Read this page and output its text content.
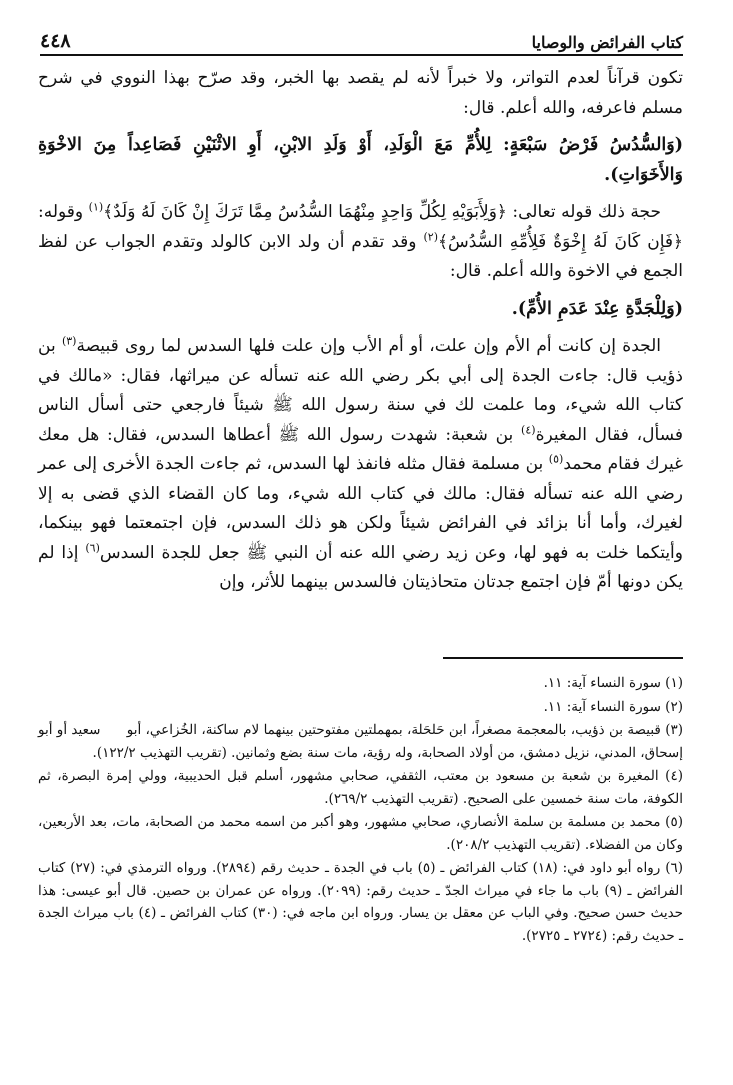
كتاب الفرائض والوصايا
٤٤٨

تكون قرآناً لعدم التواتر، ولا خبراً لأنه لم يقصد بها الخبر، وقد صرّح بهذا النووي في شرح مسلم فاعرفه، والله أعلم. قال:

(وَالسُّدُسُ فَرْضُ سَبْعَةٍ: لِلأُمِّ مَعَ الْوَلَدِ، أَوْ وَلَدِ الابْنِ، أَوِ الاثْنَيْنِ فَصَاعِداً مِنَ الاخْوَةِ وَالأَخَوَاتِ).

حجة ذلك قوله تعالى: ﴿وَلِأَبَوَيْهِ لِكُلِّ وَاحِدٍ مِنْهُمَا السُّدُسُ مِمَّا تَرَكَ إِنْ كَانَ لَهُ وَلَدٌ﴾$^{(١)}$ وقوله: ﴿فَإِن كَانَ لَهُ إِخْوَةٌ فَلِأُمِّهِ السُّدُسُ﴾$^{(٢)}$ وقد تقدم أن ولد الابن كالولد وتقدم الجواب عن لفظ الجمع في الاخوة والله أعلم. قال:

(وَلِلْجَدَّةِ عِنْدَ عَدَمِ الأُمِّ).

الجدة إن كانت أم الأم وإن علت، أو أم الأب وإن علت فلها السدس لما روى قبيصة$^{(٣)}$ بن ذؤيب قال: جاءت الجدة إلى أبي بكر رضي الله عنه تسأله عن ميراثها، فقال: «مالك في كتاب الله شيء، وما علمت لك في سنة رسول الله ﷺ شيئاً فارجعي حتى أسأل الناس فسأل، فقال المغيرة$^{(٤)}$ بن شعبة: شهدت رسول الله ﷺ أعطاها السدس، فقال: هل معك غيرك فقام محمد$^{(٥)}$ بن مسلمة فقال مثله فانفذ لها السدس، ثم جاءت الجدة الأخرى إلى عمر رضي الله عنه تسأله فقال: مالك في كتاب الله شيء، وما كان القضاء الذي قضى به إلا لغيرك، وأما أنا بزائد في الفرائض شيئاً ولكن هو ذلك السدس، فإن اجتمعتما فهو بينكما، وأيتكما خلت به فهو لها، وعن زيد رضي الله عنه أن النبي ﷺ جعل للجدة السدس$^{(٦)}$ إذا لم يكن دونها أمّ فإن اجتمع جدتان متحاذيتان فالسدس بينهما للأثر، وإن

(١) سورة النساء آية: ١١.

(٢) سورة النساء آية: ١١.

(٣) قبيصة بن ذؤيب، بالمعجمة مصغراً، ابن حَلحَلة، بمهملتين مفتوحتين بينهما لام ساكنة، الخُزاعي، أبو سعيد أو أبو إسحاق، المدني، نزيل دمشق، من أولاد الصحابة، وله رؤية، مات سنة بضع وثمانين. (تقريب التهذيب ١٢٢/٢).

(٤) المغيرة بن شعبة بن مسعود بن معتب، الثقفي، صحابي مشهور، أسلم قبل الحديبية، وولي إمرة البصرة، ثم الكوفة، مات سنة خمسين على الصحيح. (تقريب التهذيب ٢٦٩/٢).

(٥) محمد بن مسلمة بن سلمة الأنصاري، صحابي مشهور، وهو أكبر من اسمه محمد من الصحابة، مات، بعد الأربعين، وكان من الفضلاء. (تقريب التهذيب ٢٠٨/٢).

(٦) رواه أبو داود في: (١٨) كتاب الفرائض ـ (٥) باب في الجدة ـ حديث رقم (٢٨٩٤). ورواه الترمذي في: (٢٧) كتاب الفرائض ـ (٩) باب ما جاء في ميراث الجدّ ـ حديث رقم: (٢٠٩٩). ورواه عن عمران بن حصين. قال أبو عيسى: هذا حديث حسن صحيح. وفي الباب عن معقل بن يسار. ورواه ابن ماجه في: (٣٠) كتاب الفرائض ـ (٤) باب ميراث الجدة ـ حديث رقم: (٢٧٢٤ ـ ٢٧٢٥).
